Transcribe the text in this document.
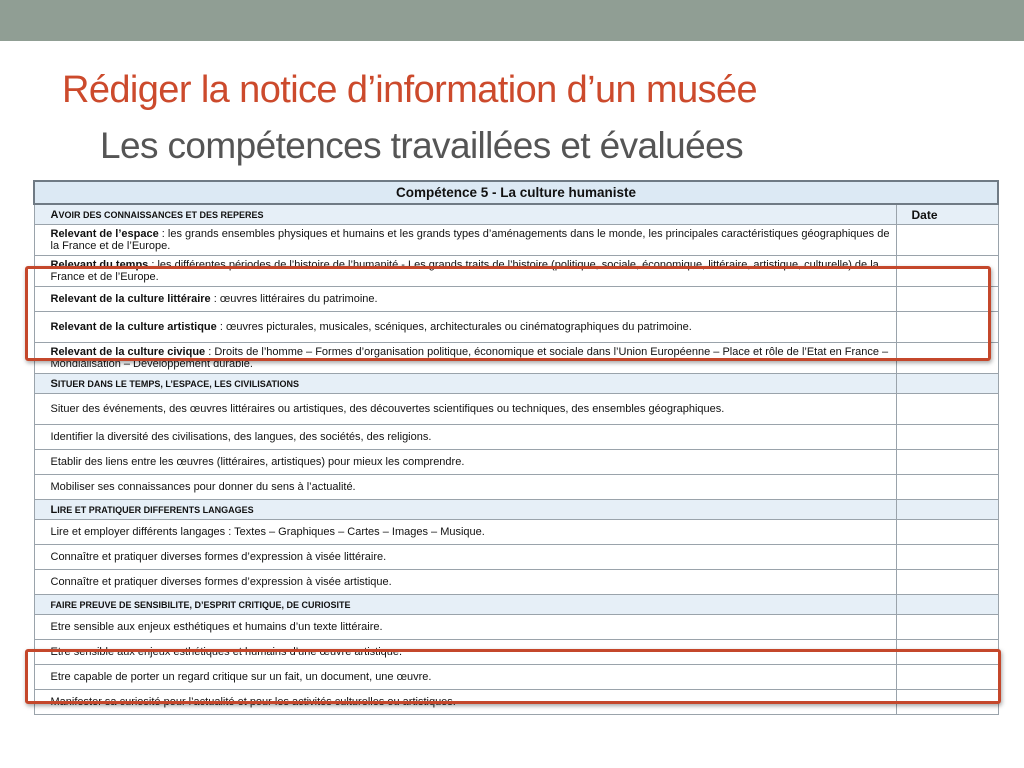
Rédiger la notice d’information d’un musée
Les compétences travaillées et évaluées
Compétence 5 - La culture humaniste	
AVOIR DES CONNAISSANCES ET DES REPERES	Date
Relevant de l’espace : les grands ensembles physiques et humains et les grands types d’aménagements dans le monde, les principales caractéristiques géographiques de la France et de l’Europe.	
Relevant du temps : les différentes périodes de l’histoire de l’humanité - Les grands traits de l’histoire (politique, sociale, économique, littéraire, artistique, culturelle) de la France et de l’Europe.	
Relevant de la culture littéraire : œuvres littéraires du patrimoine.	
Relevant de la culture artistique : œuvres picturales, musicales, scéniques, architecturales ou cinématographiques du patrimoine.	
Relevant de la culture civique : Droits de l’homme – Formes d’organisation politique, économique et sociale dans l’Union Européenne – Place et rôle de l’Etat en France – Mondialisation – Développement durable.	
SITUER DANS LE TEMPS, L’ESPACE, LES CIVILISATIONS	
Situer des événements, des œuvres littéraires ou artistiques, des découvertes scientifiques ou techniques, des ensembles géographiques.	
Identifier la diversité des civilisations, des langues, des sociétés, des religions.	
Etablir des liens entre les œuvres (littéraires, artistiques) pour mieux les comprendre.	
Mobiliser ses connaissances pour donner du sens à l’actualité.	
LIRE ET PRATIQUER DIFFERENTS LANGAGES	
Lire et employer différents langages : Textes – Graphiques – Cartes – Images – Musique.	
Connaître et pratiquer diverses formes d’expression à visée littéraire.	
Connaître et pratiquer diverses formes d’expression à visée artistique.	
FAIRE PREUVE DE SENSIBILITE, D’ESPRIT CRITIQUE, DE CURIOSITE	
Etre sensible aux enjeux esthétiques et humains d’un texte littéraire.	
Etre sensible aux enjeux esthétiques et humains d’une œuvre artistique.	
Etre capable de porter un regard critique sur un fait, un document, une œuvre.	
Manifester sa curiosité pour l’actualité et pour les activités culturelles ou artistiques.	
